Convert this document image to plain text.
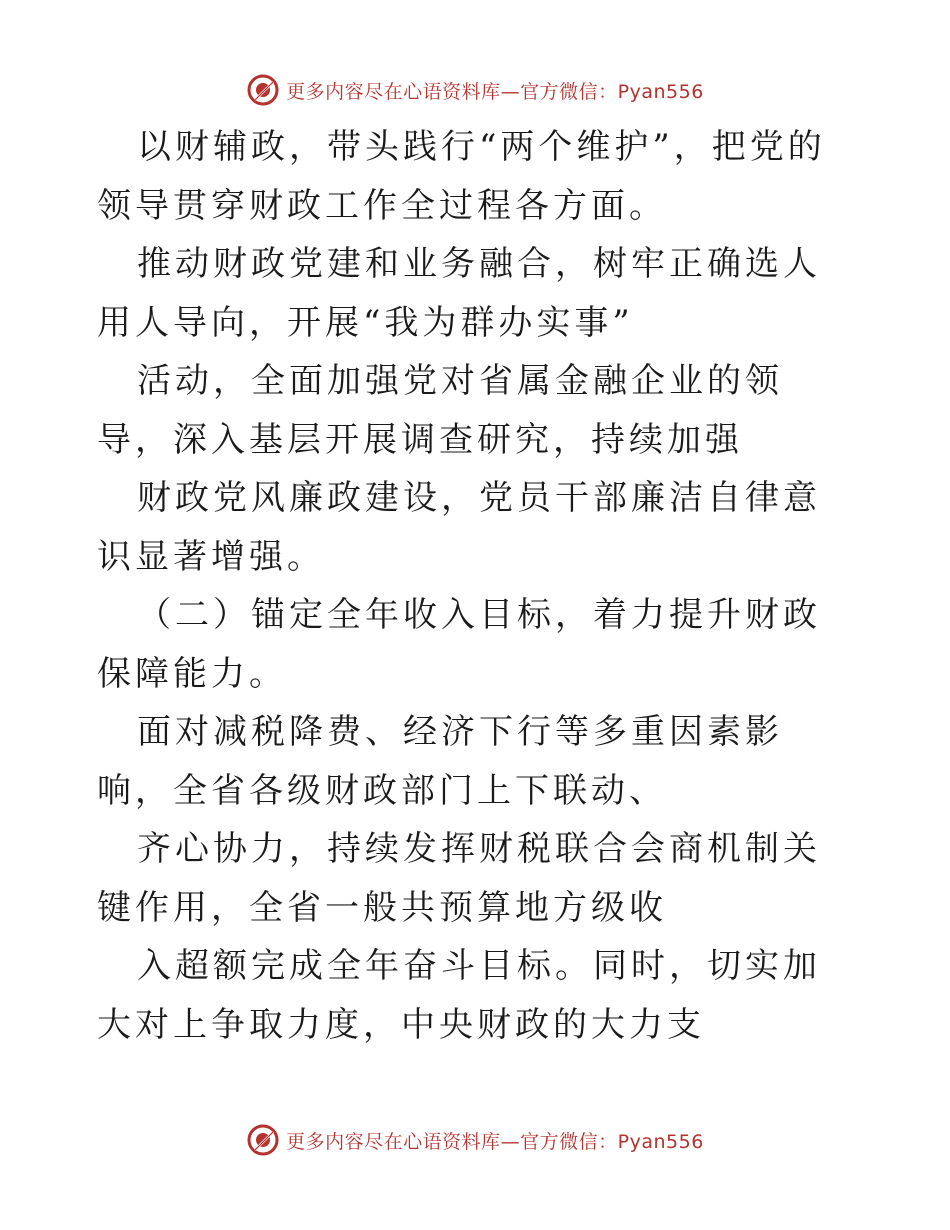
更多内容尽在心语资料库—官方微信：Pyan556

以财辅政，带头践行“两个维护”，把党的领导贯穿财政工作全过程各方面。

推动财政党建和业务融合，树牢正确选人用人导向，开展“我为群办实事”

活动，全面加强党对省属金融企业的领导，深入基层开展调查研究，持续加强

财政党风廉政建设，党员干部廉洁自律意识显著增强。

（二）锚定全年收入目标，着力提升财政保障能力。

面对减税降费、经济下行等多重因素影响，全省各级财政部门上下联动、

齐心协力，持续发挥财税联合会商机制关键作用，全省一般共预算地方级收

入超额完成全年奋斗目标。同时，切实加大对上争取力度，中央财政的大力支

更多内容尽在心语资料库—官方微信：Pyan556
